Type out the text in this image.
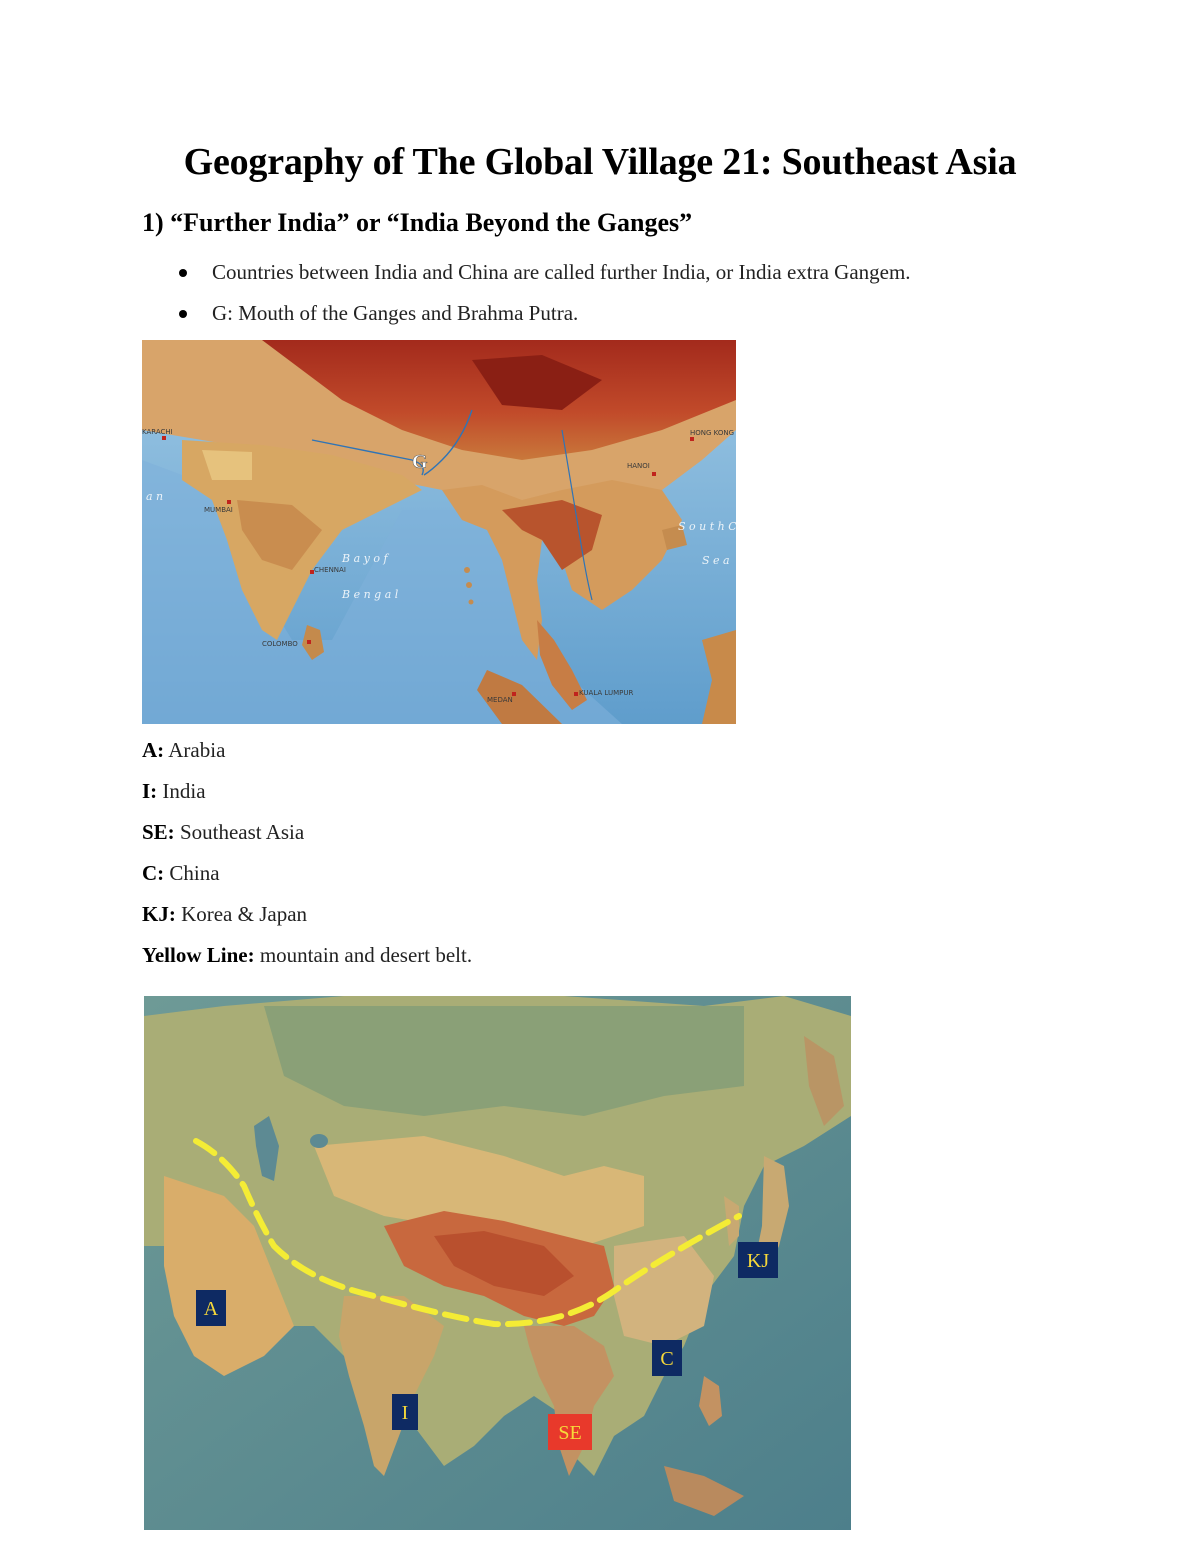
Geography of The Global Village 21: Southeast Asia
1) “Further India” or “India Beyond the Ganges”
Countries between India and China are called further India, or India extra Gangem.
G: Mouth of the Ganges and Brahma Putra.
KARACHI
MUMBAI
CHENNAI
COLOMBO
HONG KONG
HANOI
KUALA LUMPUR
MEDAN
B a y o f
B e n g a l
S o u t h C h
S e a
a n
G

A: Arabia

I: India

SE: Southeast Asia

C: China

KJ: Korea & Japan

Yellow Line: mountain and desert belt.

A
KJ
C
I
SE
